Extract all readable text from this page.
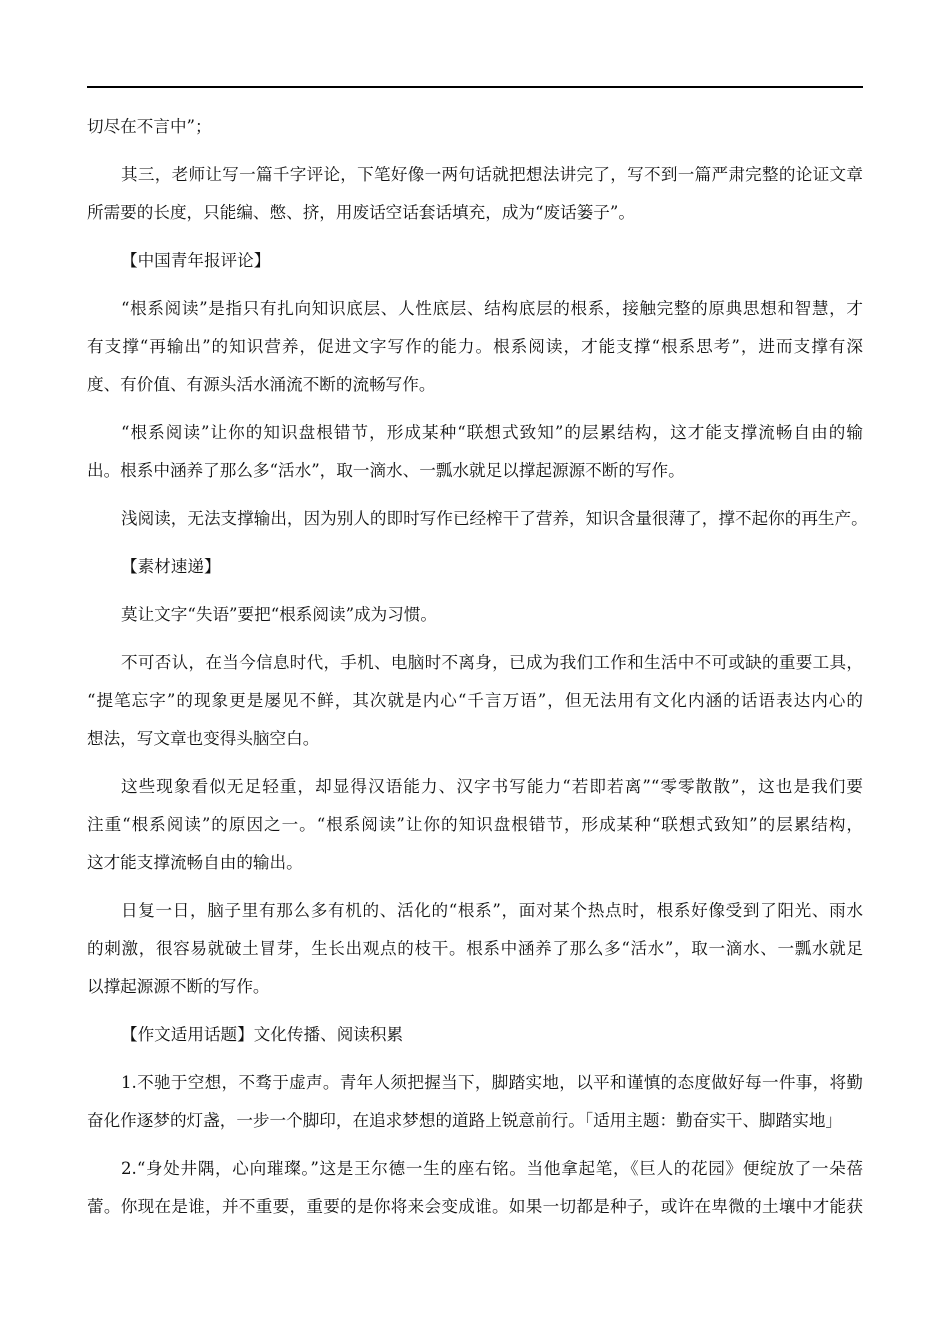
切尽在不言中”；
其三，老师让写一篇千字评论，下笔好像一两句话就把想法讲完了，写不到一篇严肃完整的论证文章
所需要的长度，只能编、憋、挤，用废话空话套话填充，成为“废话篓子”。
【中国青年报评论】
“根系阅读”是指只有扎向知识底层、人性底层、结构底层的根系，接触完整的原典思想和智慧，才
有支撑“再输出”的知识营养，促进文字写作的能力。根系阅读，才能支撑“根系思考”，进而支撑有深
度、有价值、有源头活水涌流不断的流畅写作。
“根系阅读”让你的知识盘根错节，形成某种“联想式致知”的层累结构，这才能支撑流畅自由的输
出。根系中涵养了那么多“活水”，取一滴水、一瓢水就足以撑起源源不断的写作。
浅阅读，无法支撑输出，因为别人的即时写作已经榨干了营养，知识含量很薄了，撑不起你的再生产。
【素材速递】
莫让文字“失语”要把“根系阅读”成为习惯。
不可否认，在当今信息时代，手机、电脑时不离身，已成为我们工作和生活中不可或缺的重要工具，
“提笔忘字”的现象更是屡见不鲜，其次就是内心“千言万语”，但无法用有文化内涵的话语表达内心的
想法，写文章也变得头脑空白。
这些现象看似无足轻重，却显得汉语能力、汉字书写能力“若即若离”“零零散散”，这也是我们要
注重“根系阅读”的原因之一。“根系阅读”让你的知识盘根错节，形成某种“联想式致知”的层累结构，
这才能支撑流畅自由的输出。
日复一日，脑子里有那么多有机的、活化的“根系”，面对某个热点时，根系好像受到了阳光、雨水
的刺激，很容易就破土冒芽，生长出观点的枝干。根系中涵养了那么多“活水”，取一滴水、一瓢水就足
以撑起源源不断的写作。
【作文适用话题】文化传播、阅读积累
1.不驰于空想，不骛于虚声。青年人须把握当下，脚踏实地，以平和谨慎的态度做好每一件事，将勤
奋化作逐梦的灯盏，一步一个脚印，在追求梦想的道路上锐意前行。「适用主题：勤奋实干、脚踏实地」
2.“身处井隅，心向璀璨。”这是王尔德一生的座右铭。当他拿起笔，《巨人的花园》便绽放了一朵蓓
蕾。你现在是谁，并不重要，重要的是你将来会变成谁。如果一切都是种子，或许在卑微的土壤中才能获
